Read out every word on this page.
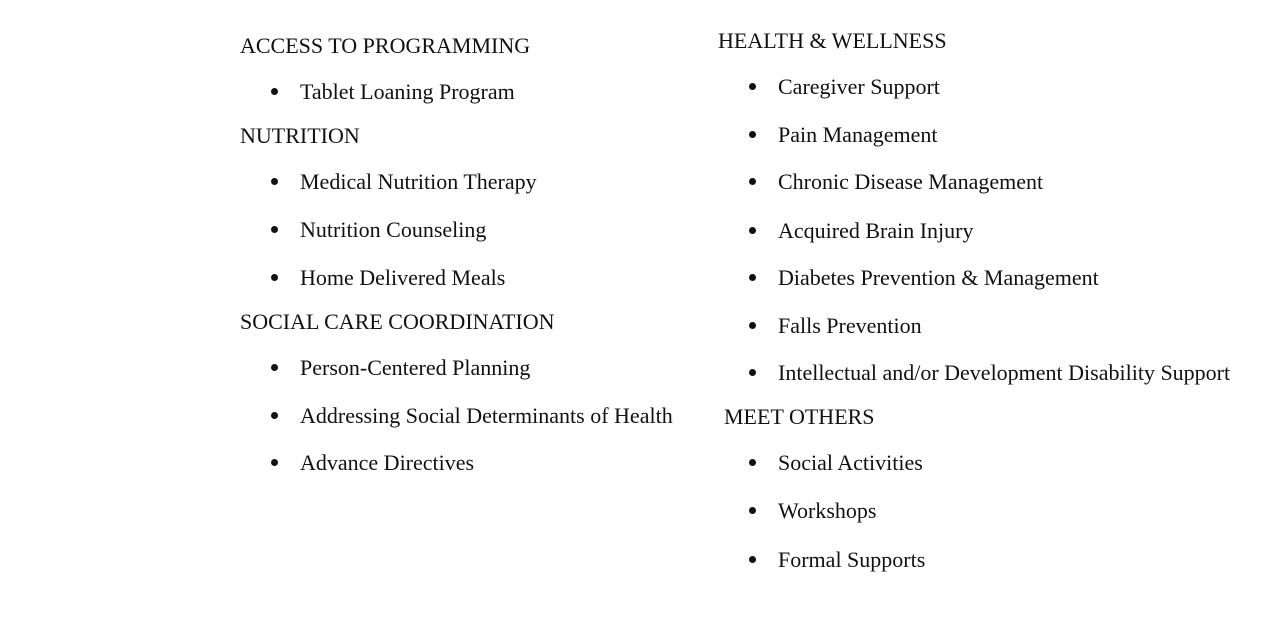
ACCESS TO PROGRAMMING
Tablet Loaning Program
NUTRITION
Medical Nutrition Therapy
Nutrition Counseling
Home Delivered Meals
SOCIAL CARE COORDINATION
Person-Centered Planning
Addressing Social Determinants of Health
Advance Directives
HEALTH & WELLNESS
Caregiver Support
Pain Management
Chronic Disease Management
Acquired Brain Injury
Diabetes Prevention & Management
Falls Prevention
Intellectual and/or Development Disability Support
MEET OTHERS
Social Activities
Workshops
Formal Supports
